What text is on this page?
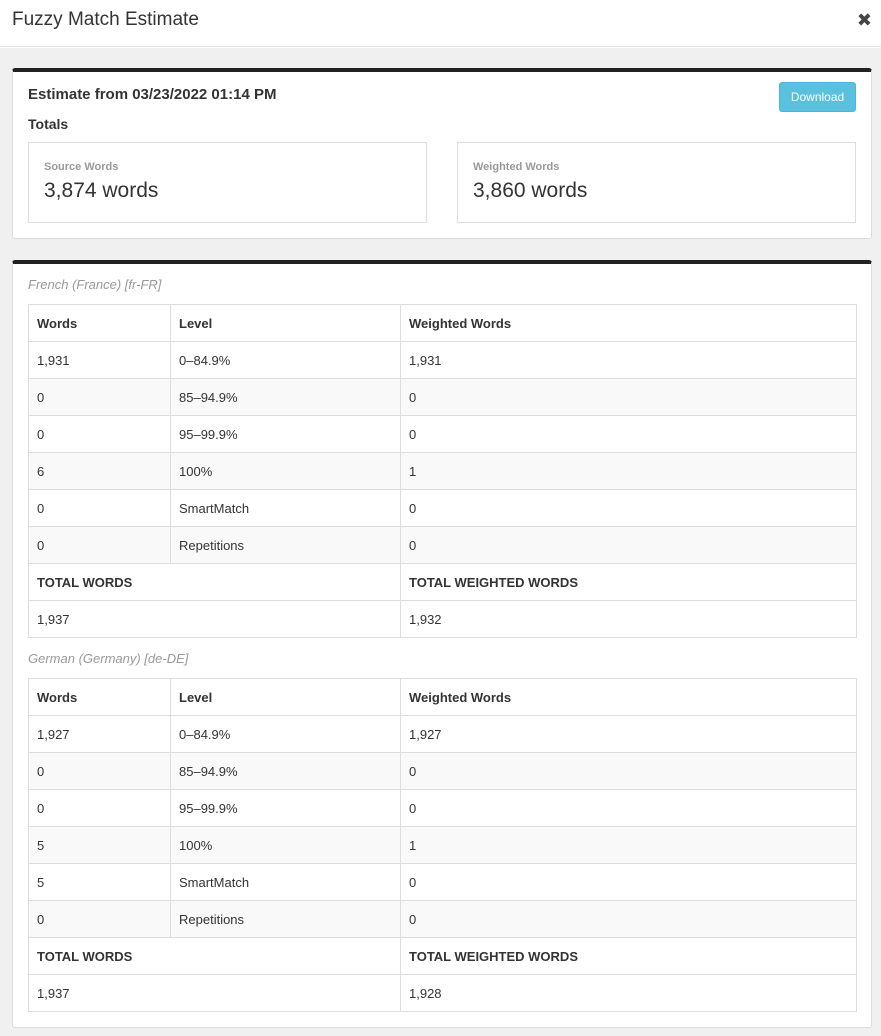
Fuzzy Match Estimate	✖
Estimate from 03/23/2022 01:14 PM
Totals
Download
Source Words
3,874 words
Weighted Words
3,860 words
French (France) [fr-FR]
Words	Level	Weighted Words
1,931	0–84.9%	1,931
0	85–94.9%	0
0	95–99.9%	0
6	100%	1
0	SmartMatch	0
0	Repetitions	0
TOTAL WORDS		TOTAL WEIGHTED WORDS
1,937		1,932
German (Germany) [de-DE]
Words	Level	Weighted Words
1,927	0–84.9%	1,927
0	85–94.9%	0
0	95–99.9%	0
5	100%	1
5	SmartMatch	0
0	Repetitions	0
TOTAL WORDS		TOTAL WEIGHTED WORDS
1,937		1,928
